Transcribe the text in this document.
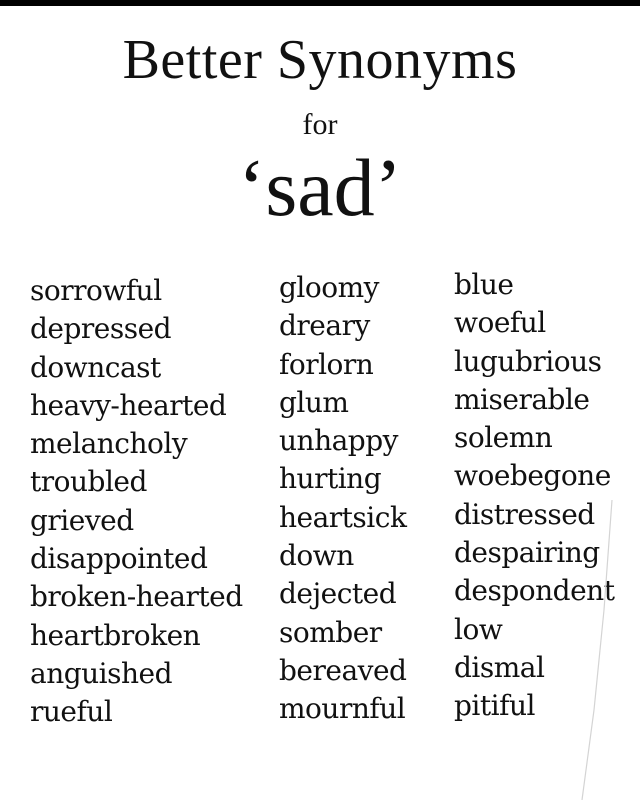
Better Synonyms
for
‘sad’
sorrowful
depressed
downcast
heavy-hearted
melancholy
troubled
grieved
disappointed
broken-hearted
heartbroken
anguished
rueful
gloomy
dreary
forlorn
glum
unhappy
hurting
heartsick
down
dejected
somber
bereaved
mournful
blue
woeful
lugubrious
miserable
solemn
woebegone
distressed
despairing
despondent
low
dismal
pitiful
